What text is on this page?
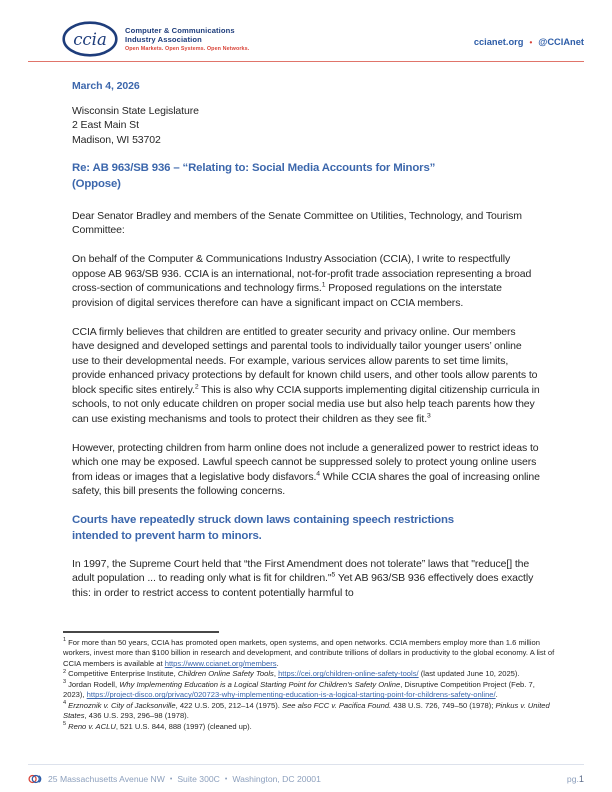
ccia Computer & Communications
Industry Association
Open Markets. Open Systems. Open Networks.
ccianet.org • @CCIAnet

March 4, 2026

Wisconsin State Legislature
2 East Main St
Madison, WI 53702

Re: AB 963/SB 936 – “Relating to: Social Media Accounts for Minors”
(Oppose)

Dear Senator Bradley and members of the Senate Committee on Utilities, Technology, and Tourism Committee:

On behalf of the Computer & Communications Industry Association (CCIA), I write to respectfully oppose AB 963/SB 936. CCIA is an international, not-for-profit trade association representing a broad cross-section of communications and technology firms.$^1$ Proposed regulations on the interstate provision of digital services therefore can have a significant impact on CCIA members.

CCIA firmly believes that children are entitled to greater security and privacy online. Our members have designed and developed settings and parental tools to individually tailor younger users’ online use to their developmental needs. For example, various services allow parents to set time limits, provide enhanced privacy protections by default for known child users, and other tools allow parents to block specific sites entirely.$^2$ This is also why CCIA supports implementing digital citizenship curricula in schools, to not only educate children on proper social media use but also help teach parents how they can use existing mechanisms and tools to protect their children as they see fit.$^3$

However, protecting children from harm online does not include a generalized power to restrict ideas to which one may be exposed. Lawful speech cannot be suppressed solely to protect young online users from ideas or images that a legislative body disfavors.$^4$ While CCIA shares the goal of increasing online safety, this bill presents the following concerns.

Courts have repeatedly struck down laws containing speech restrictions
intended to prevent harm to minors.

In 1997, the Supreme Court held that “the First Amendment does not tolerate” laws that "reduce[] the adult population ... to reading only what is fit for children."$^5$ Yet AB 963/SB 936 effectively does exactly this: in order to restrict access to content potentially harmful to

$^1$ For more than 50 years, CCIA has promoted open markets, open systems, and open networks. CCIA members employ more than 1.6 million workers, invest more than $100 billion in research and development, and contribute trillions of dollars in productivity to the global economy. A list of CCIA members is available at https://www.ccianet.org/members.

$^2$ Competitive Enterprise Institute, Children Online Safety Tools, https://cei.org/children-online-safety-tools/ (last updated June 10, 2025).

$^3$ Jordan Rodell, Why Implementing Education is a Logical Starting Point for Children’s Safety Online, Disruptive Competition Project (Feb. 7, 2023), https://project-disco.org/privacy/020723-why-implementing-education-is-a-logical-starting-point-for-childrens-safety-online/.

$^4$ Erznoznik v. City of Jacksonville, 422 U.S. 205, 212–14 (1975). See also FCC v. Pacifica Found. 438 U.S. 726, 749–50 (1978); Pinkus v. United States, 436 U.S. 293, 296–98 (1978).

$^5$ Reno v. ACLU, 521 U.S. 844, 888 (1997) (cleaned up).

25 Massachusetts Avenue NW • Suite 300C • Washington, DC 20001	pg.1
